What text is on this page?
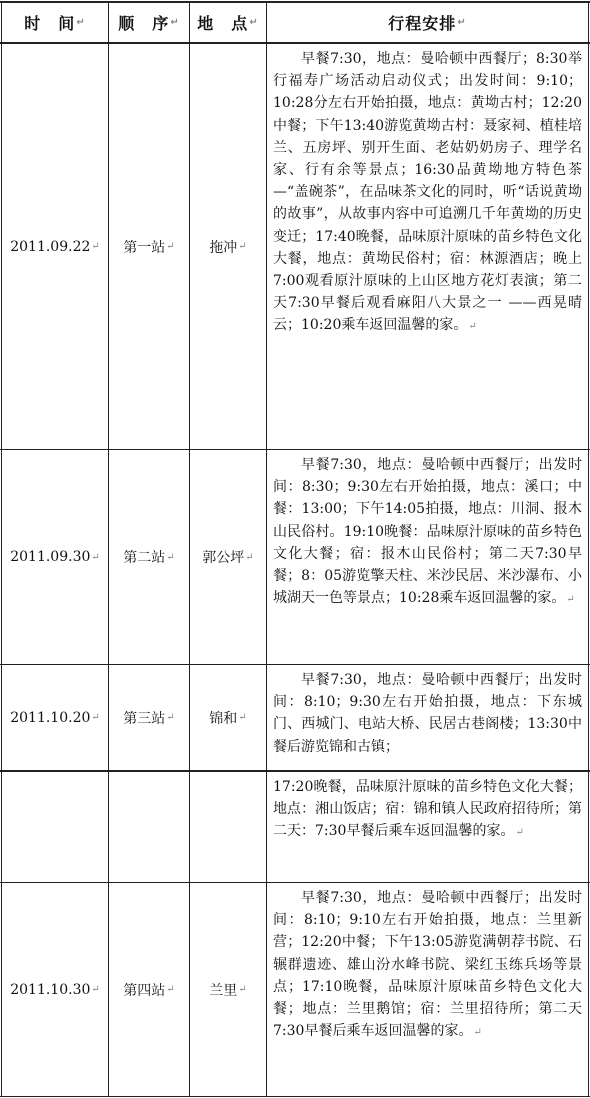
时　间 ↵ 顺　序 ↵ 地　点 ↵	行程安排 ↵
2011.09.22 ↵ 第一站 ↵ 拖冲 ↵
早餐7:30，地点：曼哈顿中西餐厅；8:30举行福寿广场活动启动仪式；出发时间：9:10；10:28分左右开始拍摄，地点：黄坳古村；12:20中餐；下午13:40游览黄坳古村：聂家祠、植桂培兰、五房坪、别开生面、老姑奶奶房子、理学名家、行有余等景点；16:30品黄坳地方特色茶 —“盖碗茶”，在品味茶文化的同时，听“话说黄坳的故事”，从故事内容中可追溯几千年黄坳的历史变迁；17:40晚餐，品味原汁原味的苗乡特色文化大餐，地点：黄坳民俗村；宿：林源酒店；晚上7:00观看原汁原味的上山区地方花灯表演；第二天7:30早餐后观看麻阳八大景之一 ——西晃晴云；10:20乘车返回温馨的家。↵
2011.09.30 ↵ 第二站 ↵ 郭公坪 ↵
早餐7:30，地点：曼哈顿中西餐厅；出发时间：8:30；9:30左右开始拍摄，地点：溪口；中餐：13:00；下午14:05拍摄，地点：川洞、报木山民俗村。19:10晚餐：品味原汁原味的苗乡特色文化大餐；宿：报木山民俗村；第二天7:30早餐；8：05游览擎天柱、米沙民居、米沙瀑布、小城湖天一色等景点；10:28乘车返回温馨的家。↵
2011.10.20 ↵ 第三站 ↵ 锦和 ↵
早餐7:30，地点：曼哈顿中西餐厅；出发时间：8:10；9:30左右开始拍摄，地点：下东城门、西城门、电站大桥、民居古巷阁楼；13:30中餐后游览锦和古镇；
17:20晚餐，品味原汁原味的苗乡特色文化大餐；地点：湘山饭店；宿：锦和镇人民政府招待所；第二天：7:30早餐后乘车返回温馨的家。↵
2011.10.30 ↵ 第四站 ↵ 兰里 ↵
早餐7:30，地点：曼哈顿中西餐厅；出发时间：8:10；9:10左右开始拍摄，地点：兰里新营；12:20中餐；下午13:05游览满朝荐书院、石辗群遗迹、雄山汾水峰书院、梁红玉练兵场等景点；17:10晚餐，品味原汁原味苗乡特色文化大餐；地点：兰里鹅馆；宿：兰里招待所；第二天7:30早餐后乘车返回温馨的家。↵
